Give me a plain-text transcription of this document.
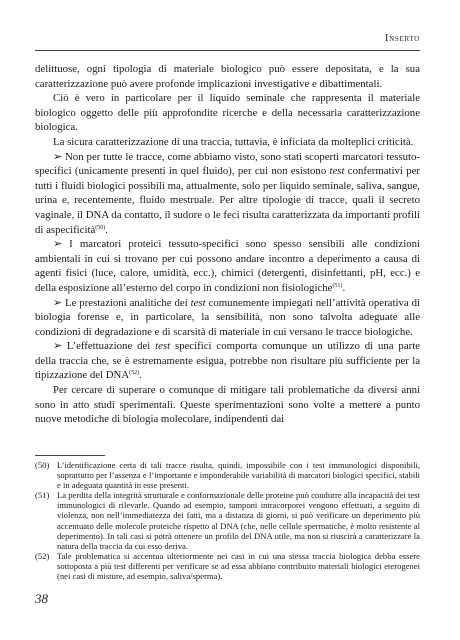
Inserto

delittuose, ogni tipologia di materiale biologico può essere depositata, e la sua caratterizzazione può avere profonde implicazioni investigative e dibattimentali.

Ciò è vero in particolare per il liquido seminale che rappresenta il materiale biologico oggetto delle più approfondite ricerche e della necessaria caratterizzazione biologica.

La sicura caratterizzazione di una traccia, tuttavia, è inficiata da molteplici criticità.

➢ Non per tutte le tracce, come abbiamo visto, sono stati scoperti marcatori tessuto-specifici (unicamente presenti in quel fluido), per cui non esistono test confermativi per tutti i fluidi biologici possibili ma, attualmente, solo per liquido seminale, saliva, sangue, urina e, recentemente, fluido mestruale. Per altre tipologie di tracce, quali il secreto vaginale, il DNA da contatto, il sudore o le feci risulta caratterizzata da importanti profili di aspecificità$^{(50)}$.

➢ I marcatori proteici tessuto-specifici sono spesso sensibili alle condizioni ambientali in cui si trovano per cui possono andare incontro a deperimento a causa di agenti fisici (luce, calore, umidità, ecc.), chimici (detergenti, disinfettanti, pH, ecc.) e della esposizione all’esterno del corpo in condizioni non fisiologiche$^{(51)}$.

➢ Le prestazioni analitiche dei test comunemente impiegati nell’attività operativa di biologia forense e, in particolare, la sensibilità, non sono talvolta adeguate alle condizioni di degradazione e di scarsità di materiale in cui versano le tracce biologiche.

➢ L’effettuazione dei test specifici comporta comunque un utilizzo di una parte della traccia che, se è estremamente esigua, potrebbe non risultare più sufficiente per la tipizzazione del DNA$^{(52)}$.

Per cercare di superare o comunque di mitigare tali problematiche da diversi anni sono in atto studi sperimentali. Queste sperimentazioni sono volte a mettere a punto nuove metodiche di biologia molecolare, indipendenti dai

(50) L’identificazione certa di tali tracce risulta, quindi, impossibile con i test immunologici disponibili, soprattutto per l’assenza e l’importante e imponderabile variabilità di marcatori biologici specifici, stabili e in adeguata quantità in esse presenti.
(51) La perdita della integrità strutturale e conformazionale delle proteine può condurre alla incapacità dei test immunologici di rilevarle. Quando ad esempio, tamponi intracorporei vengono effettuati, a seguito di violenza, non nell’immediatezza dei fatti, ma a distanza di giorni, si può verificare un deperimento più accentuato delle molecole proteiche rispetto al DNA (che, nelle cellule spermatiche, è molto resistente al deperimento). In tali casi si potrà ottenere un profilo del DNA utile, ma non si riuscirà a caratterizzare la natura della traccia da cui esso deriva.
(52) Tale problematica si accentua ulteriormente nei casi in cui una stessa traccia biologica debba essere sottoposta a più test differenti per verificare se ad essa abbiano contribuito materiali biologici eterogenei (nei casi di misture, ad esempio, saliva/sperma).
38
